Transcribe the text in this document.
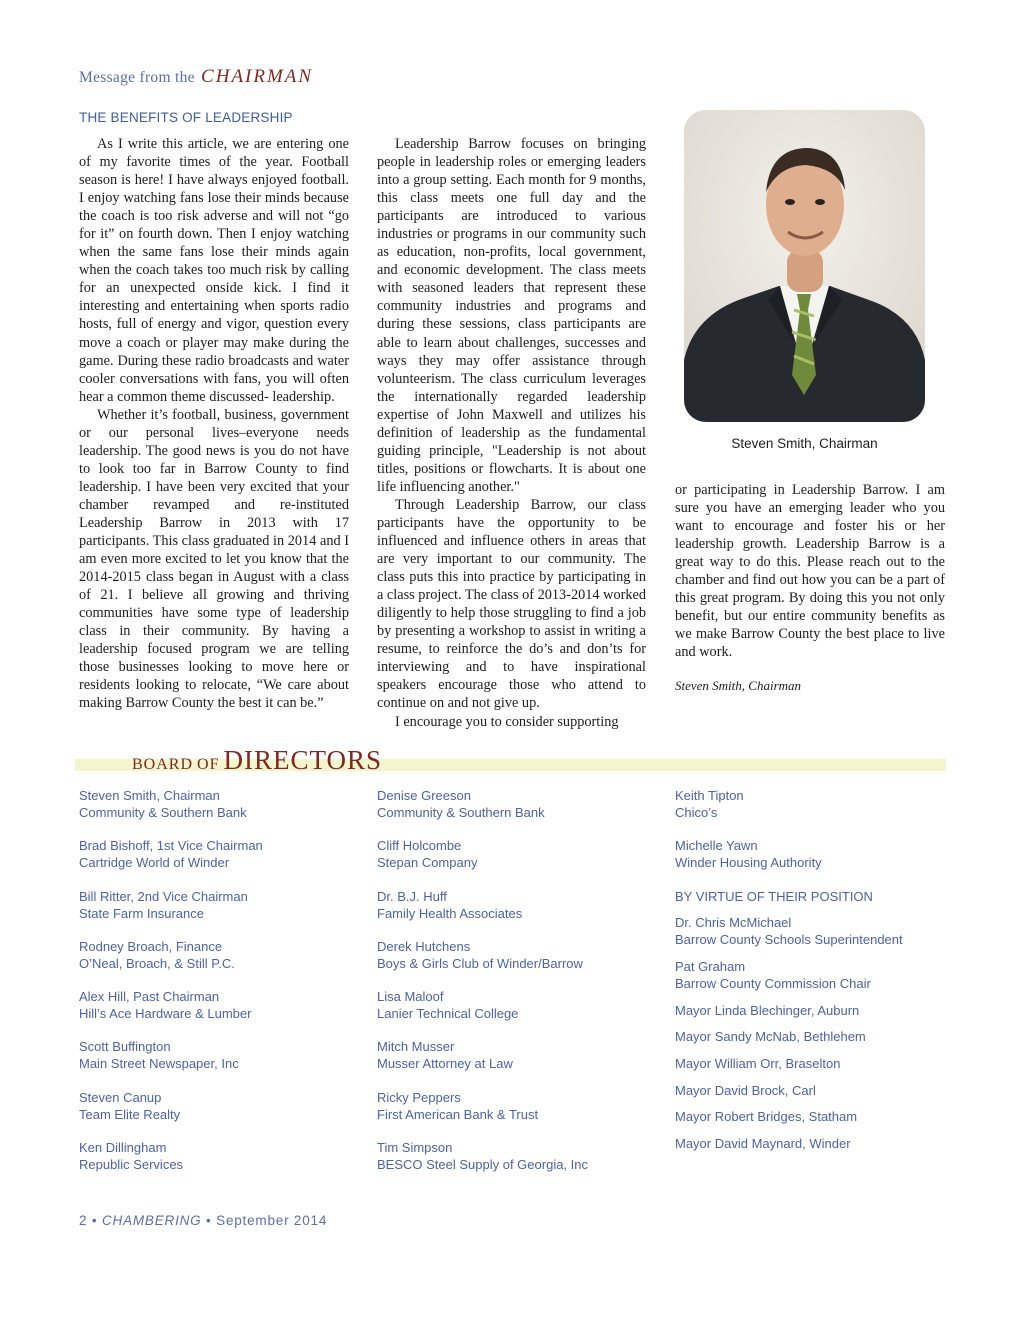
Message from the CHAIRMAN
THE BENEFITS OF LEADERSHIP

As I write this article, we are entering one of my favorite times of the year. Football season is here! I have always enjoyed football. I enjoy watching fans lose their minds because the coach is too risk adverse and will not “go for it” on fourth down. Then I enjoy watching when the same fans lose their minds again when the coach takes too much risk by calling for an unexpected onside kick. I find it interesting and entertaining when sports radio hosts, full of energy and vigor, question every move a coach or player may make during the game. During these radio broadcasts and water cooler conversations with fans, you will often hear a common theme discussed- leadership.

Whether it’s football, business, government or our personal lives–everyone needs leadership. The good news is you do not have to look too far in Barrow County to find leadership. I have been very excited that your chamber revamped and re-instituted Leadership Barrow in 2013 with 17 participants. This class graduated in 2014 and I am even more excited to let you know that the 2014-2015 class began in August with a class of 21. I believe all growing and thriving communities have some type of leadership class in their community. By having a leadership focused program we are telling those businesses looking to move here or residents looking to relocate, “We care about making Barrow County the best it can be.”

Leadership Barrow focuses on bringing people in leadership roles or emerging leaders into a group setting. Each month for 9 months, this class meets one full day and the participants are introduced to various industries or programs in our community such as education, non-profits, local government, and economic development. The class meets with seasoned leaders that represent these community industries and programs and during these sessions, class participants are able to learn about challenges, successes and ways they may offer assistance through volunteerism. The class curriculum leverages the internationally regarded leadership expertise of John Maxwell and utilizes his definition of leadership as the fundamental guiding principle, "Leadership is not about titles, positions or flowcharts. It is about one life influencing another."

Through Leadership Barrow, our class participants have the opportunity to be influenced and influence others in areas that are very important to our community. The class puts this into practice by participating in a class project. The class of 2013-2014 worked diligently to help those struggling to find a job by presenting a workshop to assist in writing a resume, to reinforce the do’s and don’ts for interviewing and to have inspirational speakers encourage those who attend to continue on and not give up.

I encourage you to consider supporting

Steven Smith, Chairman

or participating in Leadership Barrow. I am sure you have an emerging leader who you want to encourage and foster his or her leadership growth. Leadership Barrow is a great way to do this. Please reach out to the chamber and find out how you can be a part of this great program. By doing this you not only benefit, but our entire community benefits as we make Barrow County the best place to live and work.

Steven Smith, Chairman

BOARD OF DIRECTORS
Steven Smith, Chairman
Community & Southern Bank
Brad Bishoff, 1st Vice Chairman
Cartridge World of Winder
Bill Ritter, 2nd Vice Chairman
State Farm Insurance
Rodney Broach, Finance
O’Neal, Broach, & Still P.C.
Alex Hill, Past Chairman
Hill’s Ace Hardware & Lumber
Scott Buffington
Main Street Newspaper, Inc
Steven Canup
Team Elite Realty
Ken Dillingham
Republic Services
Denise Greeson
Community & Southern Bank
Cliff Holcombe
Stepan Company
Dr. B.J. Huff
Family Health Associates
Derek Hutchens
Boys & Girls Club of Winder/Barrow
Lisa Maloof
Lanier Technical College
Mitch Musser
Musser Attorney at Law
Ricky Peppers
First American Bank & Trust
Tim Simpson
BESCO Steel Supply of Georgia, Inc
Keith Tipton
Chico’s
Michelle Yawn
Winder Housing Authority
BY VIRTUE OF THEIR POSITION
Dr. Chris McMichael
Barrow County Schools Superintendent
Pat Graham
Barrow County Commission Chair
Mayor Linda Blechinger, Auburn
Mayor Sandy McNab, Bethlehem
Mayor William Orr, Braselton
Mayor David Brock, Carl
Mayor Robert Bridges, Statham
Mayor David Maynard, Winder
2 • CHAMBERING • September 2014
